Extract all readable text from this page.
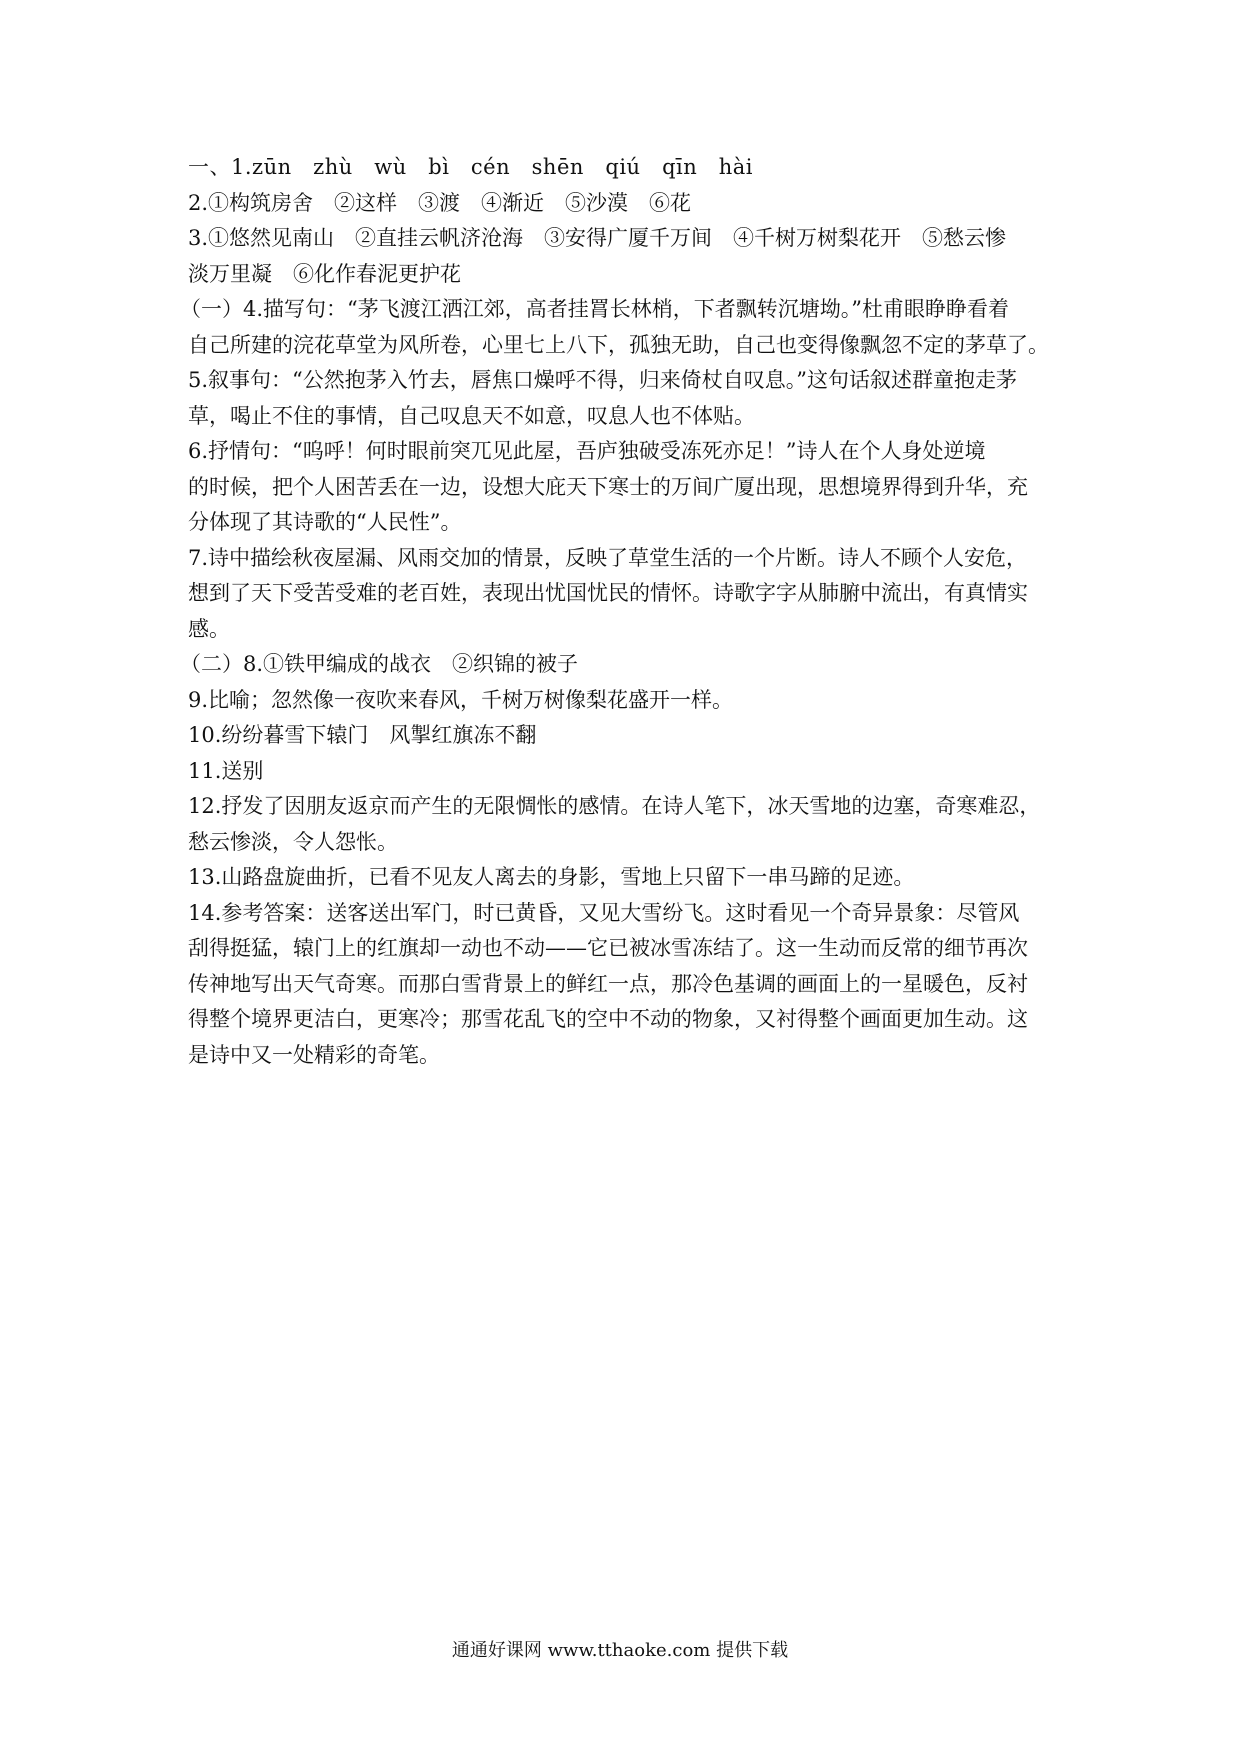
一、1.zūn　zhù　wù　bì　cén　shēn　qiú　qīn　hài
2.①构筑房舍　②这样　③渡　④渐近　⑤沙漠　⑥花
3.①悠然见南山　②直挂云帆济沧海　③安得广厦千万间　④千树万树梨花开　⑤愁云惨
淡万里凝　⑥化作春泥更护花
（一）4.描写句：“茅飞渡江洒江郊，高者挂罥长林梢，下者飘转沉塘坳。”杜甫眼睁睁看着
自己所建的浣花草堂为风所卷，心里七上八下，孤独无助，自己也变得像飘忽不定的茅草了。
5.叙事句：“公然抱茅入竹去，唇焦口燥呼不得，归来倚杖自叹息。”这句话叙述群童抱走茅
草，喝止不住的事情，自己叹息天不如意，叹息人也不体贴。
6.抒情句：“呜呼！何时眼前突兀见此屋，吾庐独破受冻死亦足！”诗人在个人身处逆境
的时候，把个人困苦丢在一边，设想大庇天下寒士的万间广厦出现，思想境界得到升华，充
分体现了其诗歌的“人民性”。
7.诗中描绘秋夜屋漏、风雨交加的情景，反映了草堂生活的一个片断。诗人不顾个人安危，
想到了天下受苦受难的老百姓，表现出忧国忧民的情怀。诗歌字字从肺腑中流出，有真情实
感。
（二）8.①铁甲编成的战衣　②织锦的被子
9.比喻；忽然像一夜吹来春风，千树万树像梨花盛开一样。
10.纷纷暮雪下辕门　风掣红旗冻不翻
11.送别
12.抒发了因朋友返京而产生的无限惆怅的感情。在诗人笔下，冰天雪地的边塞，奇寒难忍，
愁云惨淡，令人怨怅。
13.山路盘旋曲折，已看不见友人离去的身影，雪地上只留下一串马蹄的足迹。
14.参考答案：送客送出军门，时已黄昏，又见大雪纷飞。这时看见一个奇异景象：尽管风
刮得挺猛，辕门上的红旗却一动也不动——它已被冰雪冻结了。这一生动而反常的细节再次
传神地写出天气奇寒。而那白雪背景上的鲜红一点，那冷色基调的画面上的一星暖色，反衬
得整个境界更洁白，更寒冷；那雪花乱飞的空中不动的物象，又衬得整个画面更加生动。这
是诗中又一处精彩的奇笔。
通通好课网 www.tthaoke.com 提供下载
